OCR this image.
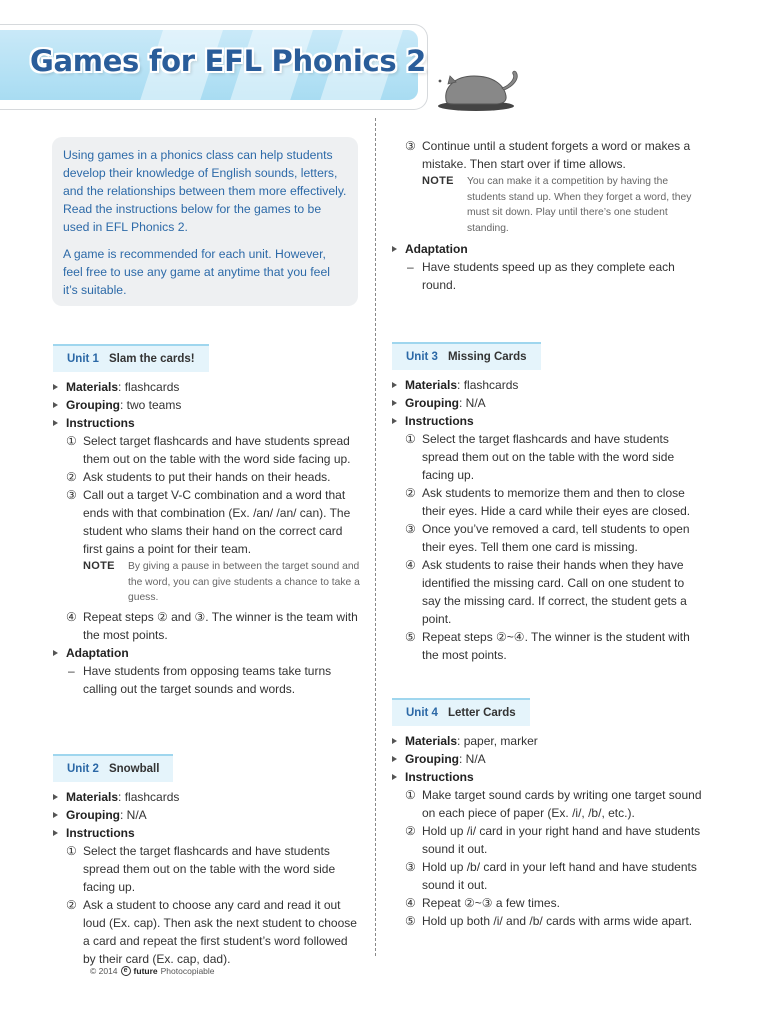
Games for EFL Phonics 2

Using games in a phonics class can help students develop their knowledge of English sounds, letters, and the relationships between them more effectively. Read the instructions below for the games to be used in EFL Phonics 2.

A game is recommended for each unit. However, feel free to use any game at anytime that you feel it’s suitable.

Unit 1 Slam the cards!
Materials: flashcards
Grouping: two teams
Instructions
① Select target flashcards and have students spread them out on the table with the word side facing up.
② Ask students to put their hands on their heads.
③ Call out a target V-C combination and a word that ends with that combination (Ex. /an/ /an/ can). The student who slams their hand on the correct card first gains a point for their team.
NOTE By giving a pause in between the target sound and the word, you can give students a chance to take a guess.
④ Repeat steps ② and ③. The winner is the team with the most points.
Adaptation
– Have students from opposing teams take turns calling out the target sounds and words.
Unit 2 Snowball
Materials: flashcards
Grouping: N/A
Instructions
① Select the target flashcards and have students spread them out on the table with the word side facing up.
② Ask a student to choose any card and read it out loud (Ex. cap). Then ask the next student to choose a card and repeat the first student’s word followed by their card (Ex. cap, dad).
③ Continue until a student forgets a word or makes a mistake. Then start over if time allows.
NOTE You can make it a competition by having the students stand up. When they forget a word, they must sit down. Play until there’s one student standing.
Adaptation
– Have students speed up as they complete each round.
Unit 3 Missing Cards
Materials: flashcards
Grouping: N/A
Instructions
① Select the target flashcards and have students spread them out on the table with the word side facing up.
② Ask students to memorize them and then to close their eyes. Hide a card while their eyes are closed.
③ Once you’ve removed a card, tell students to open their eyes. Tell them one card is missing.
④ Ask students to raise their hands when they have identified the missing card. Call on one student to say the missing card. If correct, the student gets a point.
⑤ Repeat steps ②~④. The winner is the student with the most points.
Unit 4 Letter Cards
Materials: paper, marker
Grouping: N/A
Instructions
① Make target sound cards by writing one target sound on each piece of paper (Ex. /i/, /b/, etc.).
② Hold up /i/ card in your right hand and have students sound it out.
③ Hold up /b/ card in your left hand and have students sound it out.
④ Repeat ②~③ a few times.
⑤ Hold up both /i/ and /b/ cards with arms wide apart.
© 2014 e future Photocopiable
